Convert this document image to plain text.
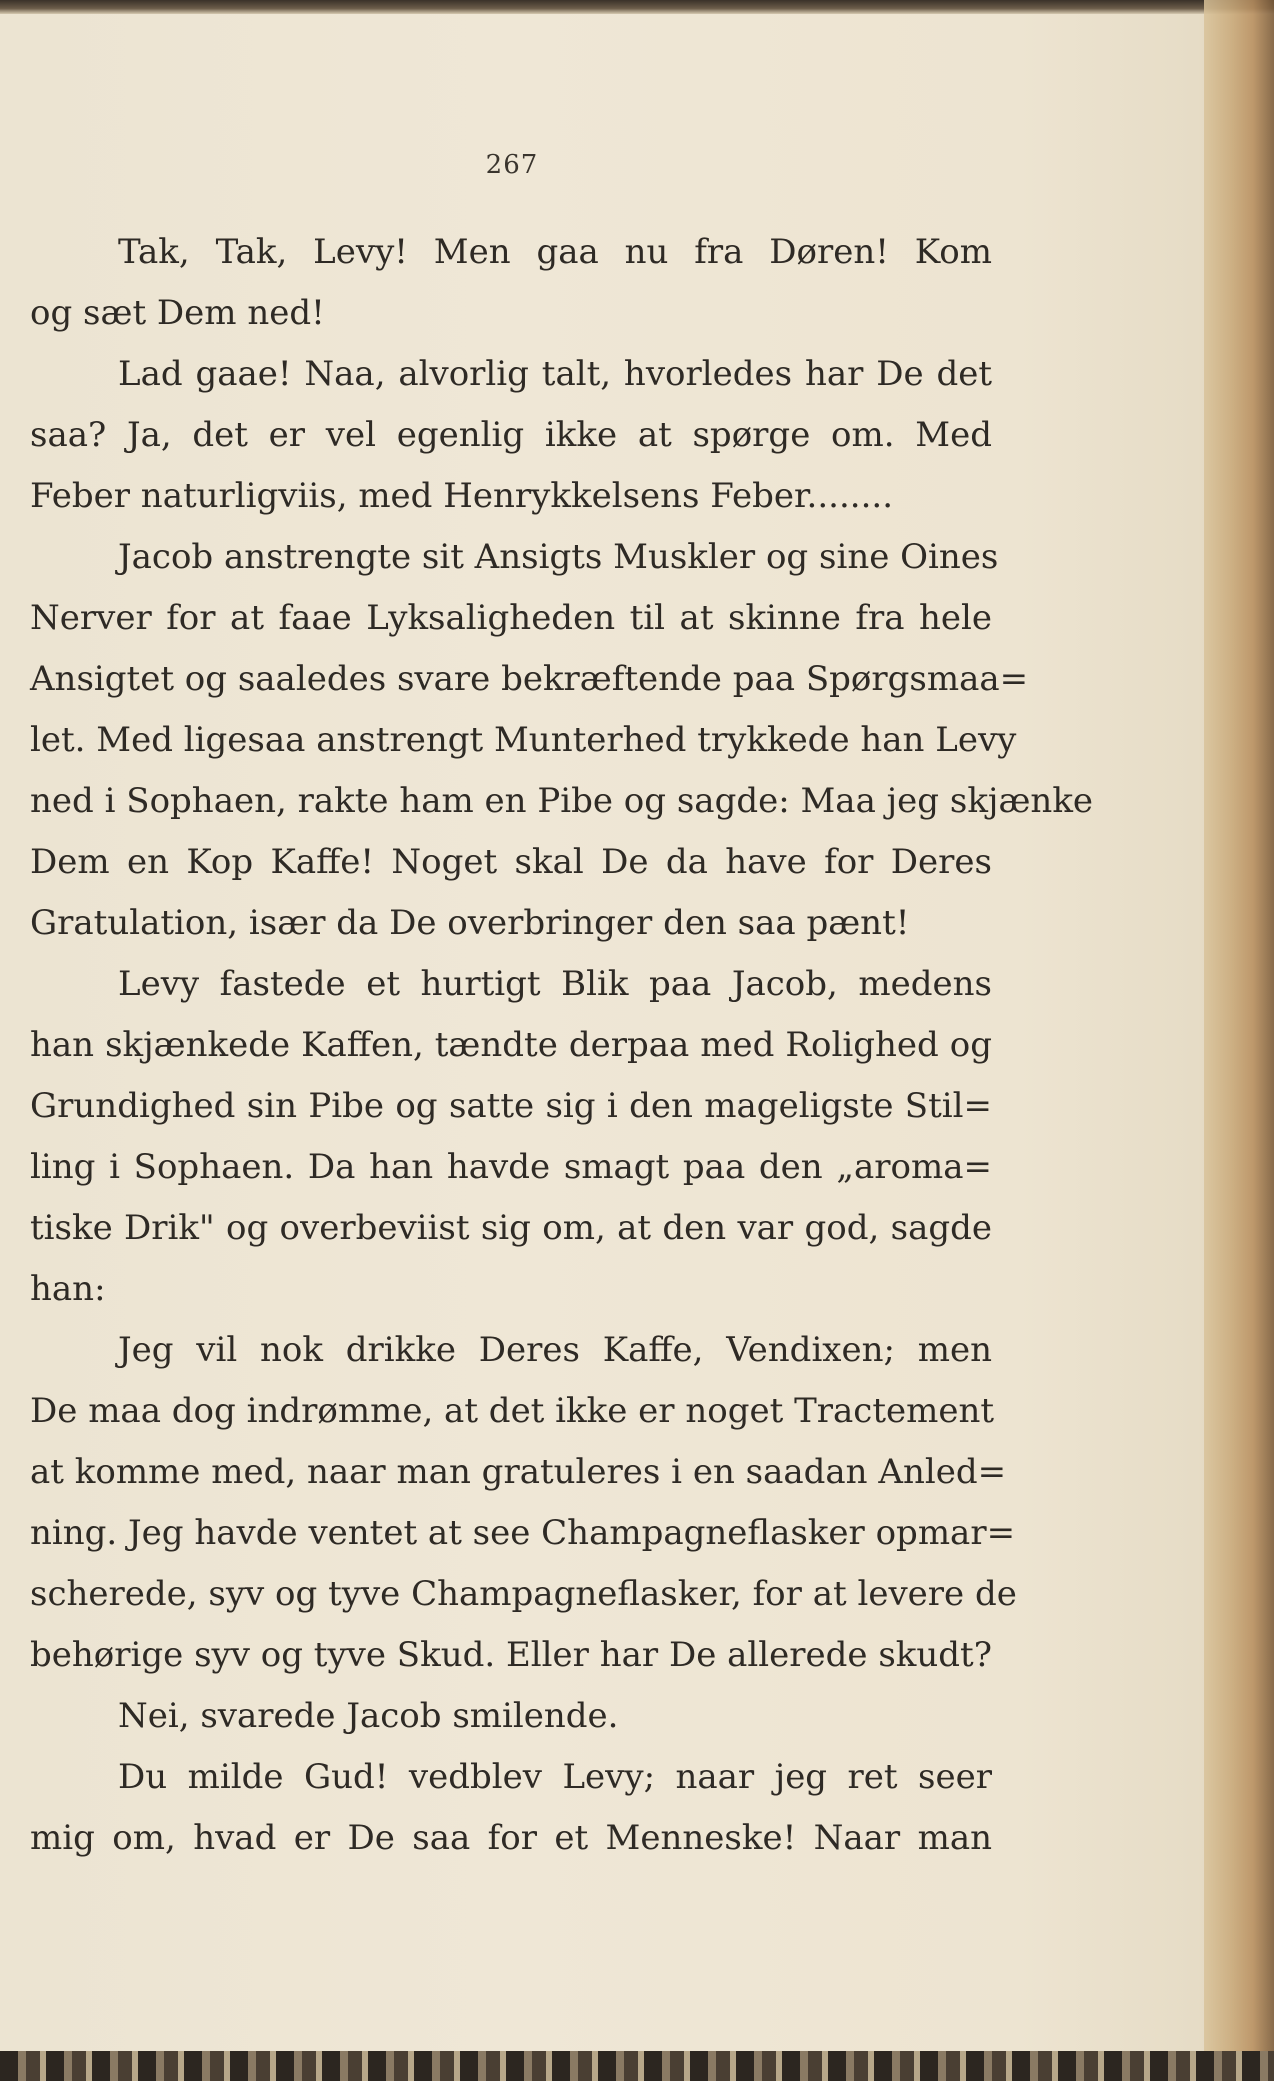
267
Tak, Tak, Levy! Men gaa nu fra Døren! Kom
og sæt Dem ned!
Lad gaae! Naa, alvorlig talt, hvorledes har De det
saa? Ja, det er vel egenlig ikke at spørge om. Med
Feber naturligviis, med Henrykkelsens Feber........
Jacob anstrengte sit Ansigts Muskler og sine Oines
Nerver for at faae Lyksaligheden til at skinne fra hele
Ansigtet og saaledes svare bekræftende paa Spørgsmaa=
let. Med ligesaa anstrengt Munterhed trykkede han Levy
ned i Sophaen, rakte ham en Pibe og sagde: Maa jeg skjænke
Dem en Kop Kaffe! Noget skal De da have for Deres
Gratulation, især da De overbringer den saa pænt!
Levy fastede et hurtigt Blik paa Jacob, medens
han skjænkede Kaffen, tændte derpaa med Rolighed og
Grundighed sin Pibe og satte sig i den mageligste Stil=
ling i Sophaen. Da han havde smagt paa den „aroma=
tiske Drik" og overbeviist sig om, at den var god, sagde
han:
Jeg vil nok drikke Deres Kaffe, Vendixen; men
De maa dog indrømme, at det ikke er noget Tractement
at komme med, naar man gratuleres i en saadan Anled=
ning. Jeg havde ventet at see Champagneflasker opmar=
scherede, syv og tyve Champagneflasker, for at levere de
behørige syv og tyve Skud. Eller har De allerede skudt?
Nei, svarede Jacob smilende.
Du milde Gud! vedblev Levy; naar jeg ret seer
mig om, hvad er De saa for et Menneske! Naar man
